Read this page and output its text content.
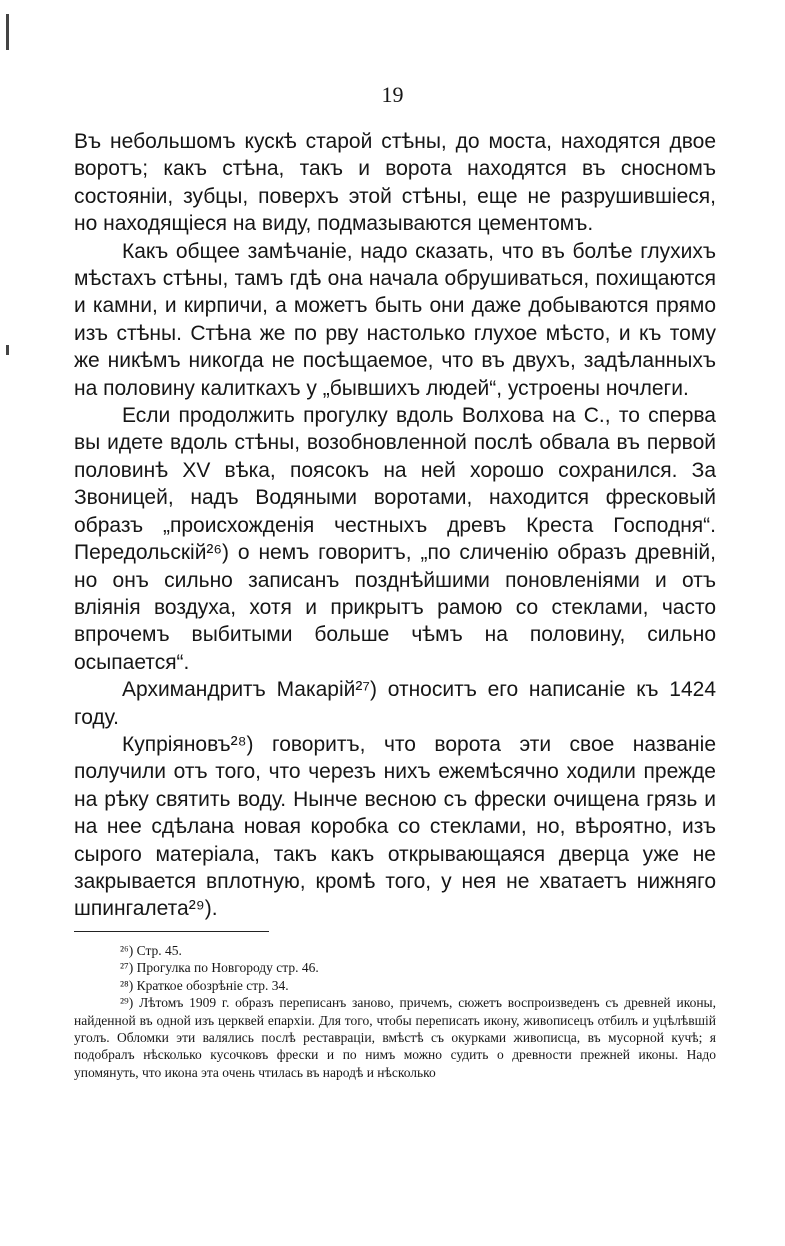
19

Въ небольшомъ кускѣ старой стѣны, до моста, находятся двое воротъ; какъ стѣна, такъ и ворота находятся въ сносномъ состоянiи, зубцы, поверхъ этой стѣны, еще не разрушившiеся, но находящiеся на виду, подмазываются цементомъ.

Какъ общее замѣчанiе, надо сказать, что въ болѣе глухихъ мѣстахъ стѣны, тамъ гдѣ она начала обрушиваться, похищаются и камни, и кирпичи, а можетъ быть они даже добываются прямо изъ стѣны. Стѣна же по рву настолько глухое мѣсто, и къ тому же никѣмъ никогда не посѣщаемое, что въ двухъ, задѣланныхъ на половину калиткахъ у „бывшихъ людей“, устроены ночлеги.

Если продолжить прогулку вдоль Волхова на С., то сперва вы идете вдоль стѣны, возобновленной послѣ обвала въ первой половинѣ XV вѣка, поясокъ на ней хорошо сохранился. За Звоницей, надъ Водяными воротами, находится фресковый образъ „происхожденiя честныхъ древъ Креста Господня“. Передольскiй²⁶) о немъ говоритъ, „по сличенiю образъ древнiй, но онъ сильно записанъ позднѣйшими поновленiями и отъ влiянiя воздуха, хотя и прикрытъ рамою со стеклами, часто впрочемъ выбитыми больше чѣмъ на половину, сильно осыпается“.

Архимандритъ Макарiй²⁷) относитъ его написанiе къ 1424 году.

Купрiяновъ²⁸) говоритъ, что ворота эти свое названiе получили отъ того, что черезъ нихъ ежемѣсячно ходили прежде на рѣку святить воду. Нынче весною съ фрески очищена грязь и на нее сдѣлана новая коробка со стеклами, но, вѣроятно, изъ сырого матерiала, такъ какъ открывающаяся дверца уже не закрывается вплотную, кромѣ того, у нея не хватаетъ нижняго шпингалета²⁹).

²⁶) Стр. 45.

²⁷) Прогулка по Новгороду стр. 46.

²⁸) Краткое обозрѣнiе стр. 34.

²⁹) Лѣтомъ 1909 г. образъ переписанъ заново, причемъ, сюжетъ воспроизведенъ съ древней иконы, найденной въ одной изъ церквей епархiи. Для того, чтобы переписать икону, живописецъ отбилъ и уцѣлѣвшiй уголъ. Обломки эти валялись послѣ реставрацiи, вмѣстѣ съ окурками живописца, въ мусорной кучѣ; я подобралъ нѣсколько кусочковъ фрески и по нимъ можно судить о древности прежней иконы. Надо упомянуть, что икона эта очень чтилась въ народѣ и нѣсколько
